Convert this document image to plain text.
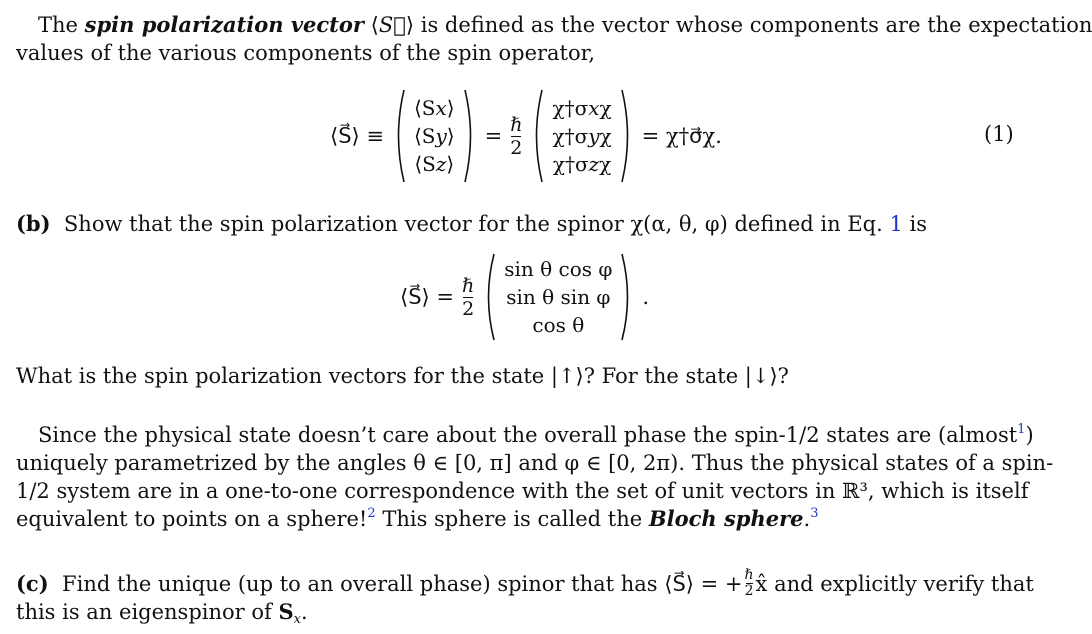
The spin polarization vector ⟨S⃗⟩ is defined as the vector whose components are the expectation
values of the various components of the spin operator,
⟨S⃗⟩ ≡
⟨S𝑥⟩
⟨S𝑦⟩
⟨S𝑧⟩
= $\frac{\text{ℏ}}{2}$
χ†σ𝑥χ
χ†σ𝑦χ
χ†σ𝑧χ
= χ†σ⃗χ.	(1)
(b) Show that the spin polarization vector for the spinor χ(α, θ, φ) defined in Eq. 1 is
⟨S⃗⟩ = $\frac{\text{ℏ}}{2}$
sin θ cos φ
sin θ sin φ
cos θ
.
What is the spin polarization vectors for the state |↑⟩? For the state |↓⟩?
Since the physical state doesn’t care about the overall phase the spin-1/2 states are (almost$^1$)
uniquely parametrized by the angles θ ∈ [0, π] and φ ∈ [0, 2π). Thus the physical states of a spin-
1/2 system are in a one-to-one correspondence with the set of unit vectors in ℝ³, which is itself
equivalent to points on a sphere!$^2$ This sphere is called the Bloch sphere.$^3$
(c)
Find the unique (up to an overall phase) spinor that has ⟨S⃗⟩ = + $\frac{\text{ℏ}}{2}$ x̂ and explicitly verify that
this is an eigenspinor of $S_x$.
